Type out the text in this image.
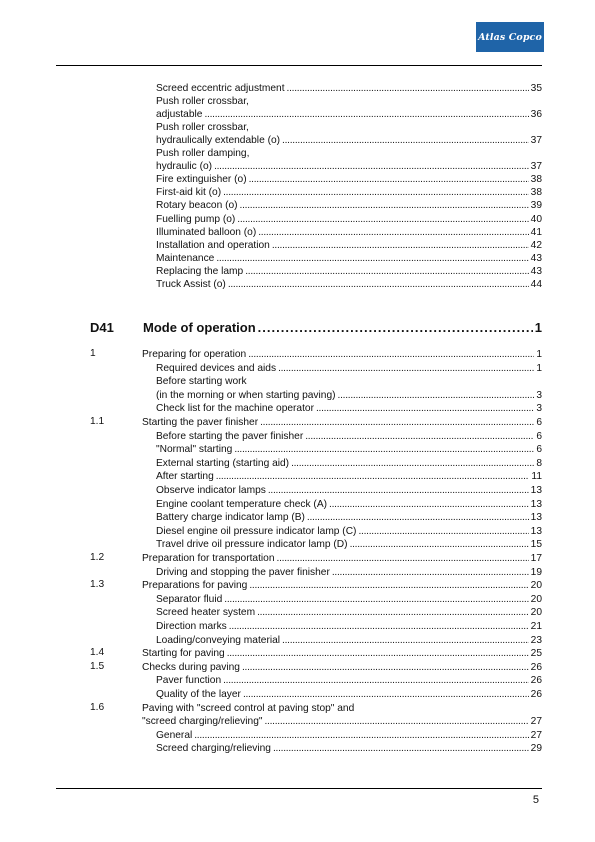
Atlas Copco
Screed eccentric adjustment . . .	35
Push roller crossbar,
adjustable . . .	36
Push roller crossbar,
hydraulically extendable (o) . . .	37
Push roller damping,
hydraulic (o) . . .	37
Fire extinguisher (o) . . .	38
First-aid kit (o) . . .	38
Rotary beacon (o) . . .	39
Fuelling pump (o) . . .	40
Illuminated balloon (o) . . .	41
Installation and operation . . .	42
Maintenance . . .	43
Replacing the lamp . . .	43
Truck Assist (o) . . .	44
D41 Mode of operation . . .	1
1	Preparing for operation . . .	1
Required devices and aids . . .	1
Before starting work
(in the morning or when starting paving) . . .	3
Check list for the machine operator . . .	3
1.1	Starting the paver finisher . . .	6
Before starting the paver finisher . . .	6
"Normal" starting . . .	6
External starting (starting aid) . . .	8
After starting . . .	11
Observe indicator lamps . . .	13
Engine coolant temperature check (A) . . .	13
Battery charge indicator lamp (B) . . .	13
Diesel engine oil pressure indicator lamp (C) . . .	13
Travel drive oil pressure indicator lamp (D) . . .	15
1.2	Preparation for transportation . . .	17
Driving and stopping the paver finisher . . .	19
1.3	Preparations for paving . . .	20
Separator fluid . . .	20
Screed heater system . . .	20
Direction marks . . .	21
Loading/conveying material . . .	23
1.4	Starting for paving . . .	25
1.5	Checks during paving . . .	26
Paver function . . .	26
Quality of the layer . . .	26
1.6	Paving with "screed control at paving stop" and
"screed charging/relieving" . . .	27
General . . .	27
Screed charging/relieving . . .	29
5
